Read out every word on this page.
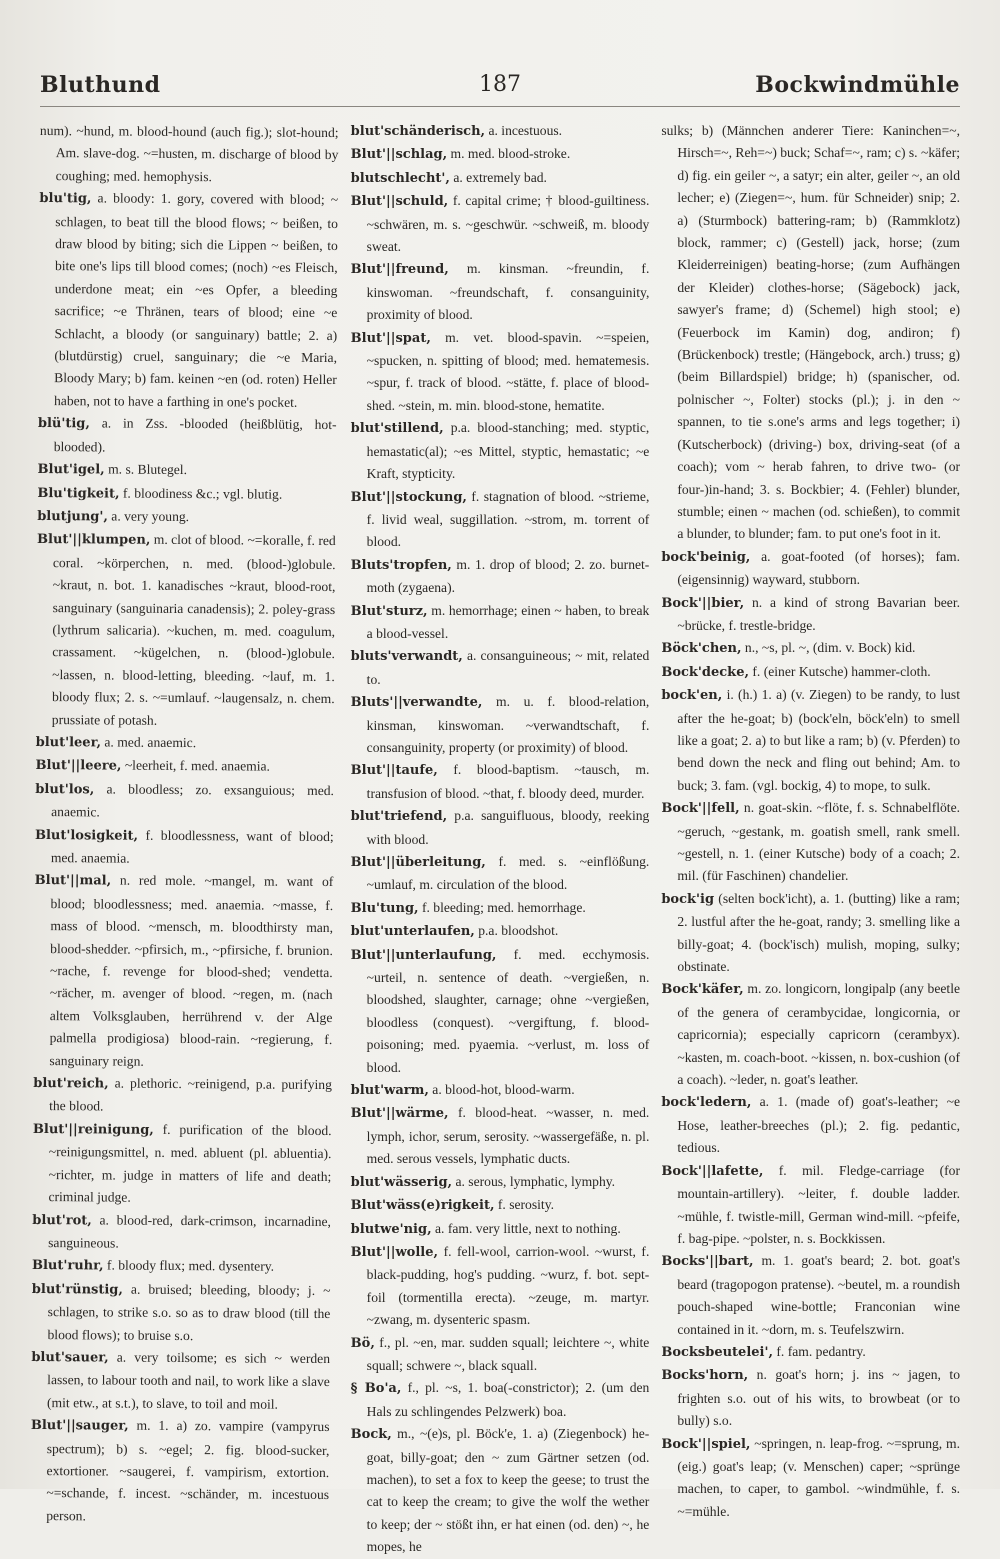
Bluthund	187	Bockwindmühle

num). ~hund, m. blood-hound (auch fig.); slot-hound; Am. slave-dog. ~=husten, m. discharge of blood by coughing; med. hemophysis.

blu'tig, a. bloody: 1. gory, covered with blood; ~ schlagen, to beat till the blood flows; ~ beißen, to draw blood by biting; sich die Lippen ~ beißen, to bite one's lips till blood comes; (noch) ~es Fleisch, underdone meat; ein ~es Opfer, a bleeding sacrifice; ~e Thränen, tears of blood; eine ~e Schlacht, a bloody (or sanguinary) battle; 2. a) (blutdürstig) cruel, sanguinary; die ~e Maria, Bloody Mary; b) fam. keinen ~en (od. roten) Heller haben, not to have a farthing in one's pocket.

blü'tig, a. in Zss. -blooded (heißblütig, hot-blooded).

Blut'igel, m. s. Blutegel.

Blu'tigkeit, f. bloodiness &c.; vgl. blutig.

blutjung', a. very young.

Blut'||klumpen, m. clot of blood. ~=koralle, f. red coral. ~körperchen, n. med. (blood-)globule. ~kraut, n. bot. 1. kanadisches ~kraut, blood-root, sanguinary (sanguinaria canadensis); 2. poley-grass (lythrum salicaria). ~kuchen, m. med. coagulum, crassament. ~kügelchen, n. (blood-)globule. ~lassen, n. blood-letting, bleeding. ~lauf, m. 1. bloody flux; 2. s. ~=umlauf. ~laugensalz, n. chem. prussiate of potash.

blut'leer, a. med. anaemic.

Blut'||leere, ~leerheit, f. med. anaemia.

blut'los, a. bloodless; zo. exsanguious; med. anaemic.

Blut'losigkeit, f. bloodlessness, want of blood; med. anaemia.

Blut'||mal, n. red mole. ~mangel, m. want of blood; bloodlessness; med. anaemia. ~masse, f. mass of blood. ~mensch, m. bloodthirsty man, blood-shedder. ~pfirsich, m., ~pfirsiche, f. brunion. ~rache, f. revenge for blood-shed; vendetta. ~rächer, m. avenger of blood. ~regen, m. (nach altem Volksglauben, herrührend v. der Alge palmella prodigiosa) blood-rain. ~regierung, f. sanguinary reign.

blut'reich, a. plethoric. ~reinigend, p.a. purifying the blood.

Blut'||reinigung, f. purification of the blood. ~reinigungsmittel, n. med. abluent (pl. abluentia). ~richter, m. judge in matters of life and death; criminal judge.

blut'rot, a. blood-red, dark-crimson, incarnadine, sanguineous.

Blut'ruhr, f. bloody flux; med. dysentery.

blut'rünstig, a. bruised; bleeding, bloody; j. ~ schlagen, to strike s.o. so as to draw blood (till the blood flows); to bruise s.o.

blut'sauer, a. very toilsome; es sich ~ werden lassen, to labour tooth and nail, to work like a slave (mit etw., at s.t.), to slave, to toil and moil.

Blut'||sauger, m. 1. a) zo. vampire (vampyrus spectrum); b) s. ~egel; 2. fig. blood-sucker, extortioner. ~saugerei, f. vampirism, extortion. ~=schande, f. incest. ~schänder, m. incestuous person.

blut'schänderisch, a. incestuous.

Blut'||schlag, m. med. blood-stroke.

blutschlecht', a. extremely bad.

Blut'||schuld, f. capital crime; † blood-guiltiness. ~schwären, m. s. ~geschwür. ~schweiß, m. bloody sweat.

Blut'||freund, m. kinsman. ~freundin, f. kinswoman. ~freundschaft, f. consanguinity, proximity of blood.

Blut'||spat, m. vet. blood-spavin. ~=speien, ~spucken, n. spitting of blood; med. hematemesis. ~spur, f. track of blood. ~stätte, f. place of blood-shed. ~stein, m. min. blood-stone, hematite.

blut'stillend, p.a. blood-stanching; med. styptic, hemastatic(al); ~es Mittel, styptic, hemastatic; ~e Kraft, stypticity.

Blut'||stockung, f. stagnation of blood. ~strieme, f. livid weal, suggillation. ~strom, m. torrent of blood.

Bluts'tropfen, m. 1. drop of blood; 2. zo. burnet-moth (zygaena).

Blut'sturz, m. hemorrhage; einen ~ haben, to break a blood-vessel.

bluts'verwandt, a. consanguineous; ~ mit, related to.

Bluts'||verwandte, m. u. f. blood-relation, kinsman, kinswoman. ~verwandtschaft, f. consanguinity, property (or proximity) of blood.

Blut'||taufe, f. blood-baptism. ~tausch, m. transfusion of blood. ~that, f. bloody deed, murder.

blut'triefend, p.a. sanguifluous, bloody, reeking with blood.

Blut'||überleitung, f. med. s. ~einflößung. ~umlauf, m. circulation of the blood.

Blu'tung, f. bleeding; med. hemorrhage.

blut'unterlaufen, p.a. bloodshot.

Blut'||unterlaufung, f. med. ecchymosis. ~urteil, n. sentence of death. ~vergießen, n. bloodshed, slaughter, carnage; ohne ~vergießen, bloodless (conquest). ~vergiftung, f. blood-poisoning; med. pyaemia. ~verlust, m. loss of blood.

blut'warm, a. blood-hot, blood-warm.

Blut'||wärme, f. blood-heat. ~wasser, n. med. lymph, ichor, serum, serosity. ~wassergefäße, n. pl. med. serous vessels, lymphatic ducts.

blut'wässerig, a. serous, lymphatic, lymphy.

Blut'wäss(e)rigkeit, f. serosity.

blutwe'nig, a. fam. very little, next to nothing.

Blut'||wolle, f. fell-wool, carrion-wool. ~wurst, f. black-pudding, hog's pudding. ~wurz, f. bot. sept-foil (tormentilla erecta). ~zeuge, m. martyr. ~zwang, m. dysenteric spasm.

Bö, f., pl. ~en, mar. sudden squall; leichtere ~, white squall; schwere ~, black squall.

§ Bo'a, f., pl. ~s, 1. boa(-constrictor); 2. (um den Hals zu schlingendes Pelzwerk) boa.

Bock, m., ~(e)s, pl. Böck'e, 1. a) (Ziegenbock) he-goat, billy-goat; den ~ zum Gärtner setzen (od. machen), to set a fox to keep the geese; to trust the cat to keep the cream; to give the wolf the wether to keep; der ~ stößt ihn, er hat einen (od. den) ~, he mopes, he

sulks; b) (Männchen anderer Tiere: Kaninchen=~, Hirsch=~, Reh=~) buck; Schaf=~, ram; c) s. ~käfer; d) fig. ein geiler ~, a satyr; ein alter, geiler ~, an old lecher; e) (Ziegen=~, hum. für Schneider) snip; 2. a) (Sturmbock) battering-ram; b) (Rammklotz) block, rammer; c) (Gestell) jack, horse; (zum Kleiderreinigen) beating-horse; (zum Aufhängen der Kleider) clothes-horse; (Sägebock) jack, sawyer's frame; d) (Schemel) high stool; e) (Feuerbock im Kamin) dog, andiron; f) (Brückenbock) trestle; (Hängebock, arch.) truss; g) (beim Billardspiel) bridge; h) (spanischer, od. polnischer ~, Folter) stocks (pl.); j. in den ~ spannen, to tie s.one's arms and legs together; i) (Kutscherbock) (driving-) box, driving-seat (of a coach); vom ~ herab fahren, to drive two- (or four-)in-hand; 3. s. Bockbier; 4. (Fehler) blunder, stumble; einen ~ machen (od. schießen), to commit a blunder, to blunder; fam. to put one's foot in it.

bock'beinig, a. goat-footed (of horses); fam. (eigensinnig) wayward, stubborn.

Bock'||bier, n. a kind of strong Bavarian beer. ~brücke, f. trestle-bridge.

Böck'chen, n., ~s, pl. ~, (dim. v. Bock) kid.

Bock'decke, f. (einer Kutsche) hammer-cloth.

bock'en, i. (h.) 1. a) (v. Ziegen) to be randy, to lust after the he-goat; b) (bock'eln, böck'eln) to smell like a goat; 2. a) to but like a ram; b) (v. Pferden) to bend down the neck and fling out behind; Am. to buck; 3. fam. (vgl. bockig, 4) to mope, to sulk.

Bock'||fell, n. goat-skin. ~flöte, f. s. Schnabelflöte. ~geruch, ~gestank, m. goatish smell, rank smell. ~gestell, n. 1. (einer Kutsche) body of a coach; 2. mil. (für Faschinen) chandelier.

bock'ig (selten bock'icht), a. 1. (butting) like a ram; 2. lustful after the he-goat, randy; 3. smelling like a billy-goat; 4. (bock'isch) mulish, moping, sulky; obstinate.

Bock'käfer, m. zo. longicorn, longipalp (any beetle of the genera of cerambycidae, longicornia, or capricornia); especially capricorn (cerambyx). ~kasten, m. coach-boot. ~kissen, n. box-cushion (of a coach). ~leder, n. goat's leather.

bock'ledern, a. 1. (made of) goat's-leather; ~e Hose, leather-breeches (pl.); 2. fig. pedantic, tedious.

Bock'||lafette, f. mil. Fledge-carriage (for mountain-artillery). ~leiter, f. double ladder. ~mühle, f. twistle-mill, German wind-mill. ~pfeife, f. bag-pipe. ~polster, n. s. Bockkissen.

Bocks'||bart, m. 1. goat's beard; 2. bot. goat's beard (tragopogon pratense). ~beutel, m. a roundish pouch-shaped wine-bottle; Franconian wine contained in it. ~dorn, m. s. Teufelszwirn.

Bocksbeutelei', f. fam. pedantry.

Bocks'horn, n. goat's horn; j. ins ~ jagen, to frighten s.o. out of his wits, to browbeat (or to bully) s.o.

Bock'||spiel, ~springen, n. leap-frog. ~=sprung, m. (eig.) goat's leap; (v. Menschen) caper; ~sprünge machen, to caper, to gambol. ~windmühle, f. s. ~=mühle.
